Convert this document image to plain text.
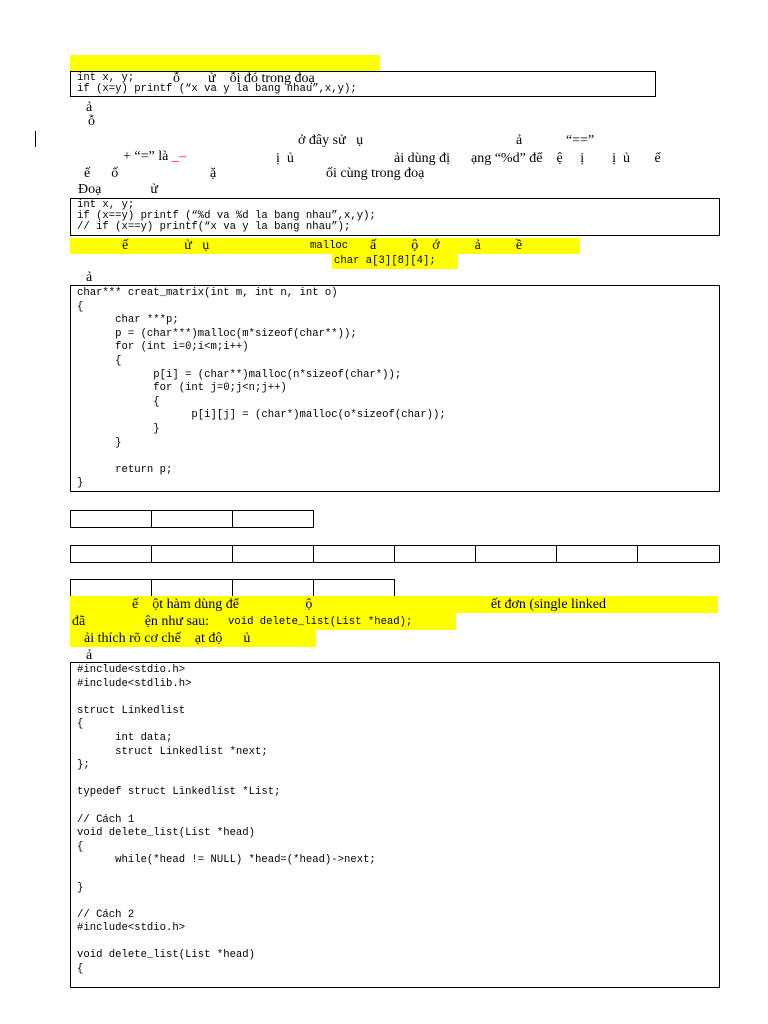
ỗ        ử    ỗi đó trong đoạ

int x, y;
if (x=y) printf (“x va y la bang nhau”,x,y);
ả
ỗ

+ “=” là _–

ở đây sử   ụ	ả	“==”
ị  ủ	ải dùng đị      ạng “%d” để    ệ     ị        ị  ủ       ể
ế      ố	ặ	ối cùng trong đoạ
Đoạ              ử
int x, y;
if (x==y) printf (“%d va %d la bang nhau”,x,y);
// if (x==y) printf(“x va y la bang nhau”);
ế                ử   ụ	malloc ấ          ộ    ớ          ả          ề
char a[3][8][4];
ả
char*** creat_matrix(int m, int n, int o)
{
char ***p;
p = (char***)malloc(m*sizeof(char**));
for (int i=0;i<m;i++)
{
p[i] = (char**)malloc(n*sizeof(char*));
for (int j=0;j<n;j++)
{
p[i][j] = (char*)malloc(o*sizeof(char));
}
}

return p;
}
ế    ột hàm dùng để                   ộ                                                   ết đơn (single linked
đã                 ện như sau: void delete_list(List *head);
ải thích rõ cơ chế    ạt độ      ủ
ả
#include<stdio.h>
#include<stdlib.h>

struct Linkedlist
{
int data;
struct Linkedlist *next;
};

typedef struct Linkedlist *List;

// Cách 1
void delete_list(List *head)
{
while(*head != NULL) *head=(*head)->next;

}

// Cách 2
#include<stdio.h>

void delete_list(List *head)
{
